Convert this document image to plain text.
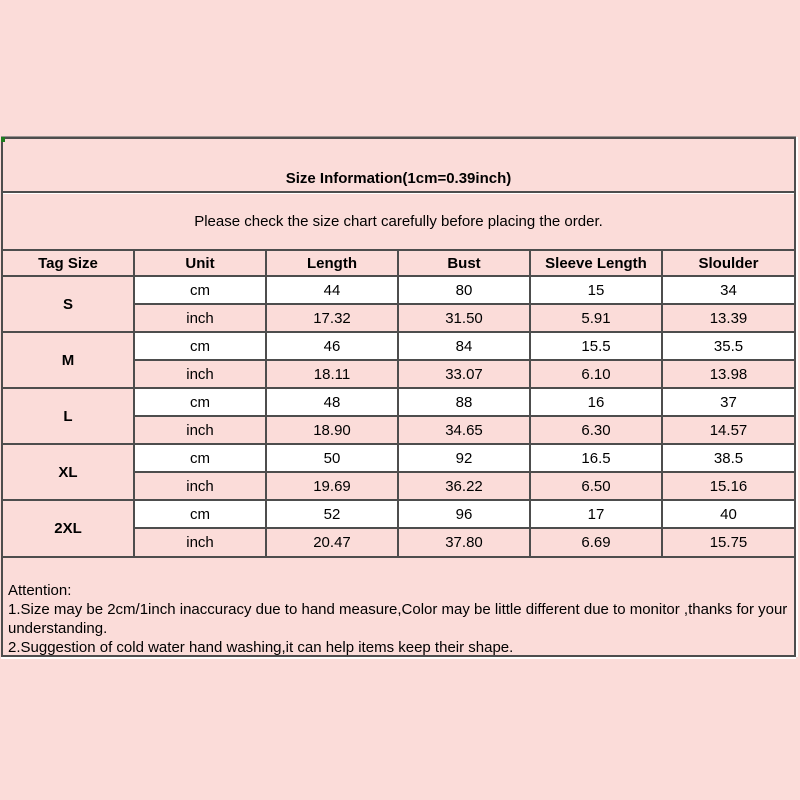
Size Information(1cm=0.39inch)
Please check the size chart carefully before placing the order.
Tag Size	Unit	Length	Bust	Sleeve Length	Sloulder
S	cm	44	80	15	34
	inch	17.32	31.50	5.91	13.39
M	cm	46	84	15.5	35.5
	inch	18.11	33.07	6.10	13.98
L	cm	48	88	16	37
	inch	18.90	34.65	6.30	14.57
XL	cm	50	92	16.5	38.5
	inch	19.69	36.22	6.50	15.16
2XL	cm	52	96	17	40
	inch	20.47	37.80	6.69	15.75
Attention:
1.Size may be 2cm/1inch inaccuracy due to hand measure,Color may be little different due to monitor ,thanks for your
understanding.
2.Suggestion of cold water hand washing,it can help items keep their shape.
